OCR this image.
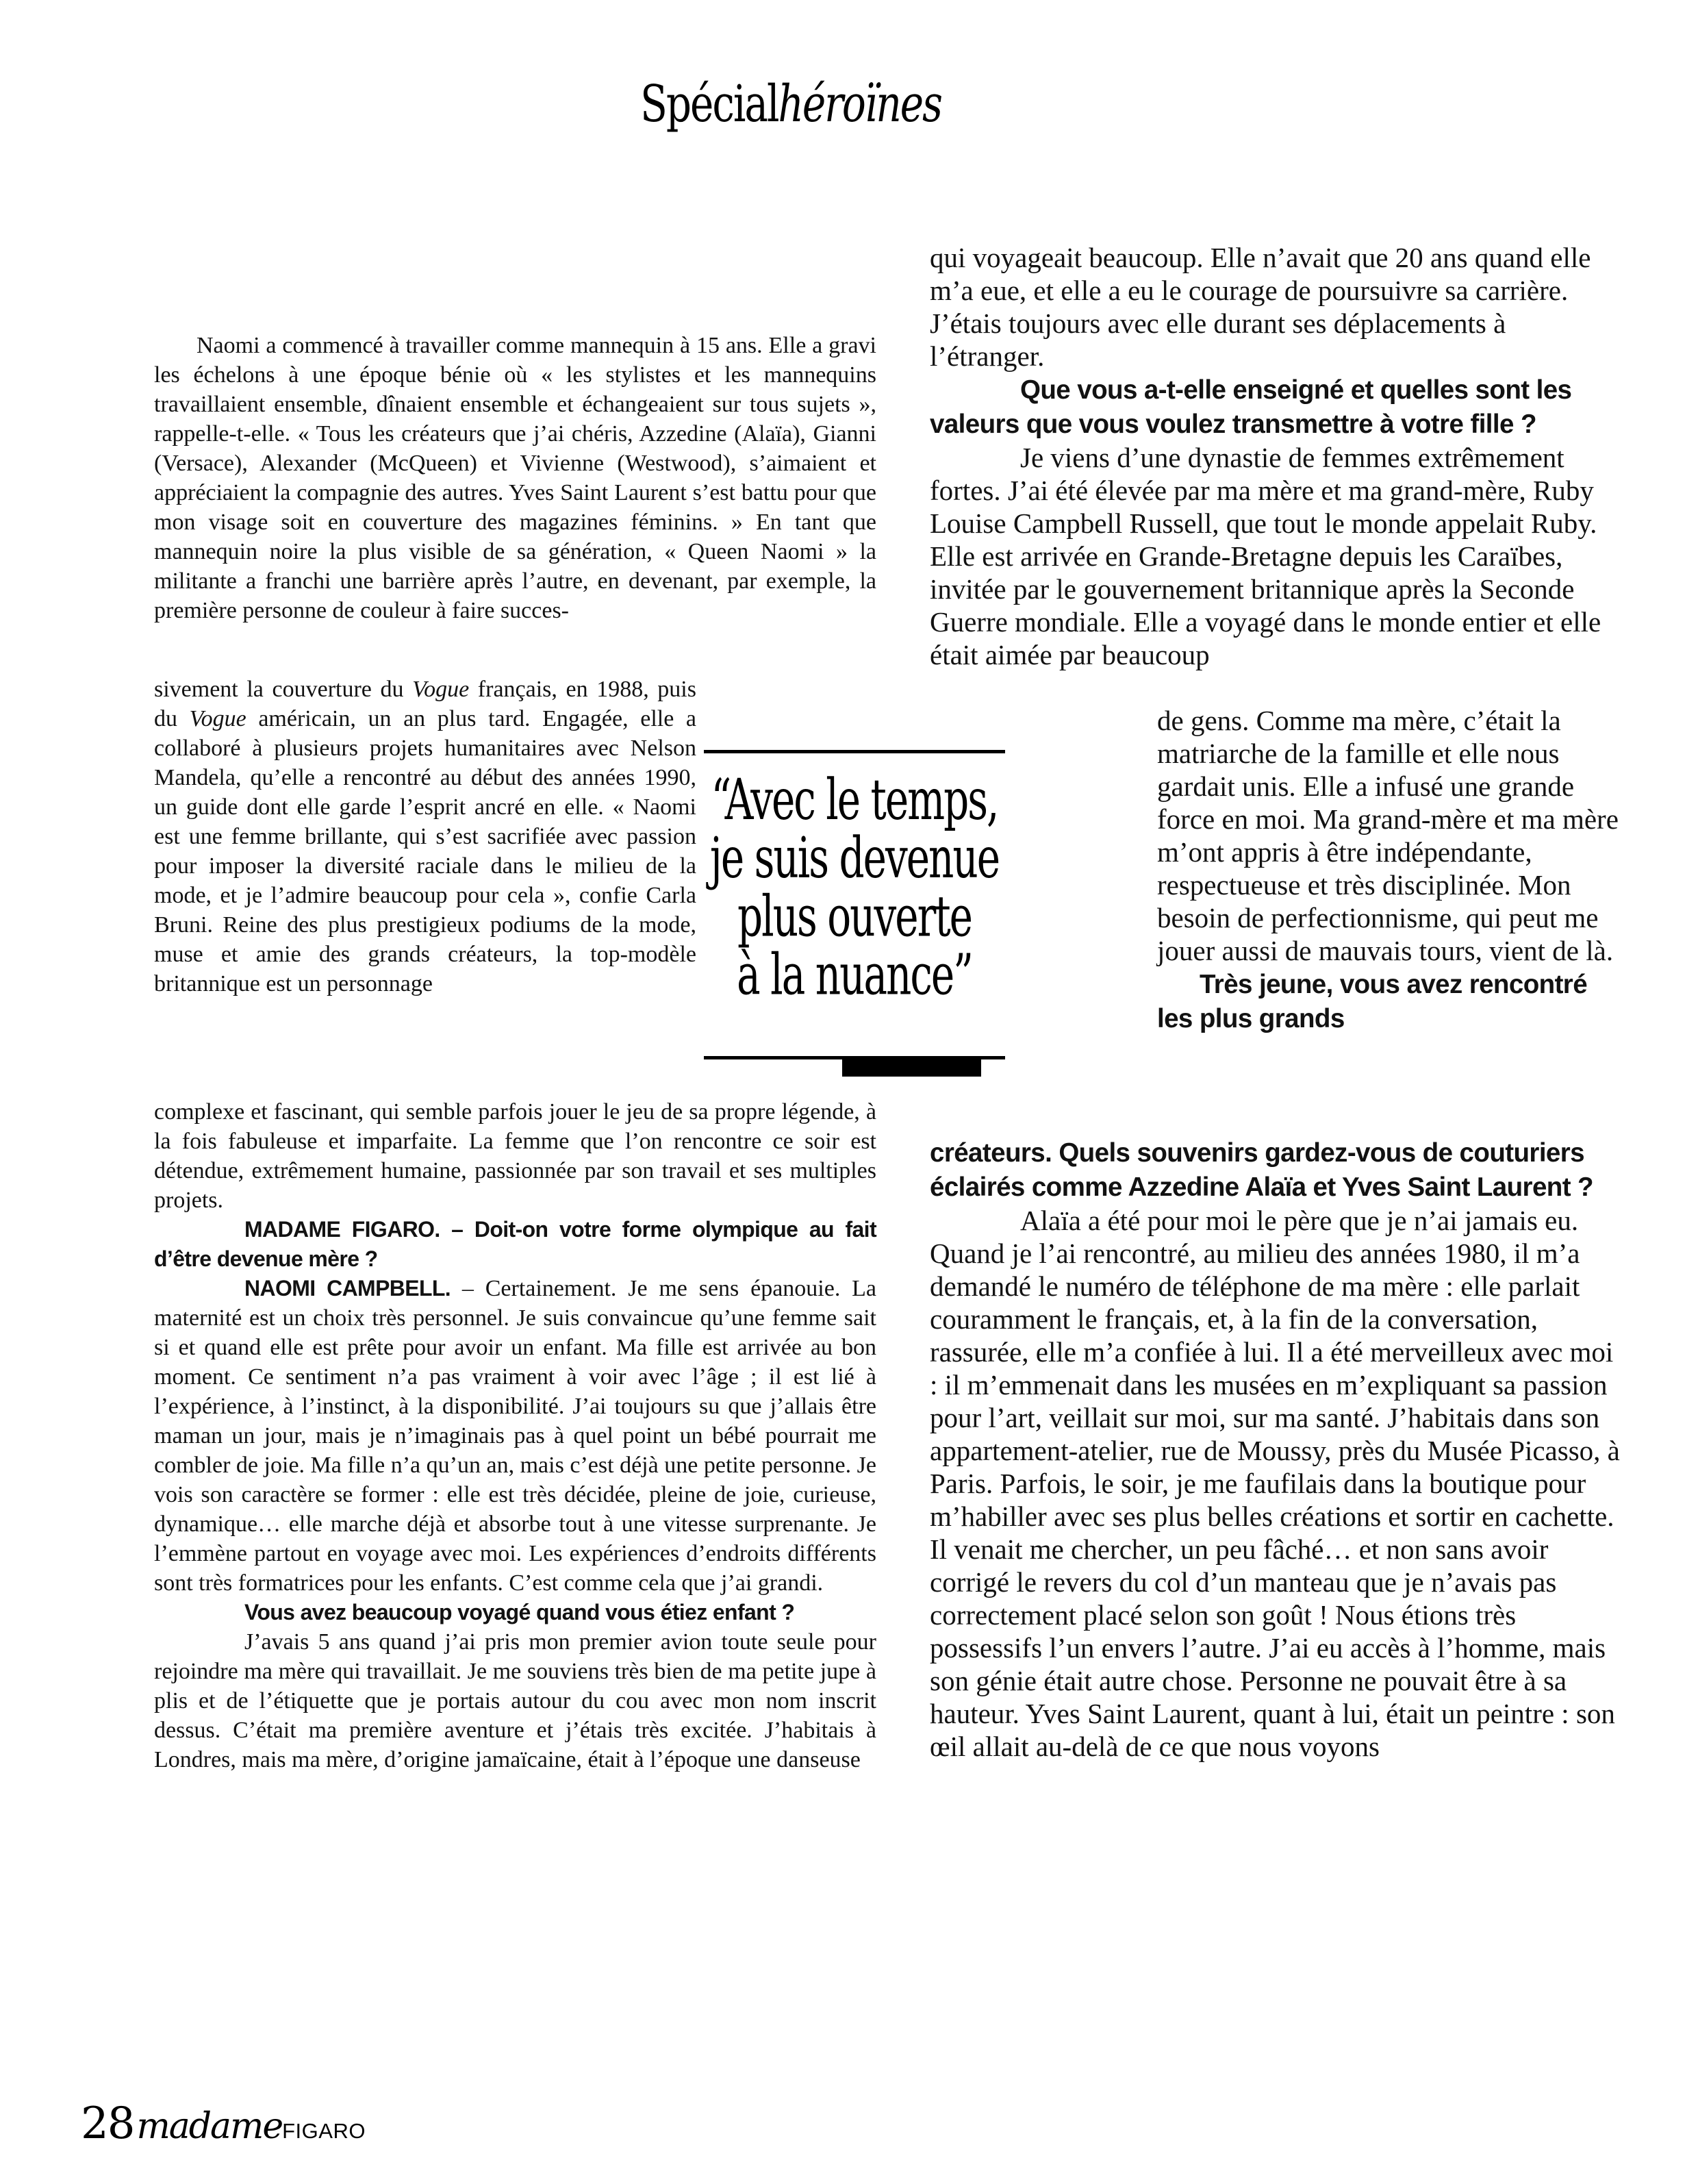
Spécialhéroïnes

Naomi a commencé à travailler comme mannequin à 15 ans. Elle a gravi les échelons à une époque bénie où « les stylistes et les mannequins travaillaient ensemble, dînaient ensemble et échangeaient sur tous sujets », rappelle-t-elle. « Tous les créateurs que j’ai chéris, Azzedine (Alaïa), Gianni (Versace), Alexander (McQueen) et Vivienne (Westwood), s’aimaient et appréciaient la compagnie des autres. Yves Saint Laurent s’est battu pour que mon visage soit en couverture des magazines féminins. » En tant que mannequin noire la plus visible de sa génération, « Queen Naomi » la militante a franchi une barrière après l’autre, en devenant, par exemple, la première personne de couleur à faire succes-

sivement la couverture du Vogue français, en 1988, puis du Vogue américain, un an plus tard. Engagée, elle a collaboré à plusieurs projets humanitaires avec Nelson Mandela, qu’elle a rencontré au début des années 1990, un guide dont elle garde l’esprit ancré en elle. « Naomi est une femme brillante, qui s’est sacrifiée avec passion pour imposer la diversité raciale dans le milieu de la mode, et je l’admire beaucoup pour cela », confie Carla Bruni. Reine des plus prestigieux podiums de la mode, muse et amie des grands créateurs, la top-modèle britannique est un personnage

complexe et fascinant, qui semble parfois jouer le jeu de sa propre légende, à la fois fabuleuse et imparfaite. La femme que l’on rencontre ce soir est détendue, extrêmement humaine, passionnée par son travail et ses multiples projets.

MADAME FIGARO. – Doit-on votre forme olympique au fait d’être devenue mère ?

NAOMI CAMPBELL. – Certainement. Je me sens épanouie. La maternité est un choix très personnel. Je suis convaincue qu’une femme sait si et quand elle est prête pour avoir un enfant. Ma fille est arrivée au bon moment. Ce sentiment n’a pas vraiment à voir avec l’âge ; il est lié à l’expérience, à l’instinct, à la disponibilité. J’ai toujours su que j’allais être maman un jour, mais je n’imaginais pas à quel point un bébé pourrait me combler de joie. Ma fille n’a qu’un an, mais c’est déjà une petite personne. Je vois son caractère se former : elle est très décidée, pleine de joie, curieuse, dynamique… elle marche déjà et absorbe tout à une vitesse surprenante. Je l’emmène partout en voyage avec moi. Les expériences d’endroits différents sont très formatrices pour les enfants. C’est comme cela que j’ai grandi.

Vous avez beaucoup voyagé quand vous étiez enfant ?

J’avais 5 ans quand j’ai pris mon premier avion toute seule pour rejoindre ma mère qui travaillait. Je me souviens très bien de ma petite jupe à plis et de l’étiquette que je portais autour du cou avec mon nom inscrit dessus. C’était ma première aventure et j’étais très excitée. J’habitais à Londres, mais ma mère, d’origine jamaïcaine, était à l’époque une danseuse

qui voyageait beaucoup. Elle n’avait que 20 ans quand elle m’a eue, et elle a eu le courage de poursuivre sa carrière. J’étais toujours avec elle durant ses déplacements à l’étranger.

Que vous a-t-elle enseigné et quelles sont les valeurs que vous voulez transmettre à votre fille ?

Je viens d’une dynastie de femmes extrêmement fortes. J’ai été élevée par ma mère et ma grand-mère, Ruby Louise Campbell Russell, que tout le monde appelait Ruby. Elle est arrivée en Grande-Bretagne depuis les Caraïbes, invitée par le gouvernement britannique après la Seconde Guerre mondiale. Elle a voyagé dans le monde entier et elle était aimée par beaucoup

de gens. Comme ma mère, c’était la matriarche de la famille et elle nous gardait unis. Elle a infusé une grande force en moi. Ma grand-mère et ma mère m’ont appris à être indépendante, respectueuse et très disciplinée. Mon besoin de perfectionnisme, qui peut me jouer aussi de mauvais tours, vient de là.

Très jeune, vous avez rencontré les plus grands

créateurs. Quels souvenirs gardez-vous de couturiers éclairés comme Azzedine Alaïa et Yves Saint Laurent ?

Alaïa a été pour moi le père que je n’ai jamais eu. Quand je l’ai rencontré, au milieu des années 1980, il m’a demandé le numéro de téléphone de ma mère : elle parlait couramment le français, et, à la fin de la conversation, rassurée, elle m’a confiée à lui. Il a été merveilleux avec moi : il m’emmenait dans les musées en m’expliquant sa passion pour l’art, veillait sur moi, sur ma santé. J’habitais dans son appartement-atelier, rue de Moussy, près du Musée Picasso, à Paris. Parfois, le soir, je me faufilais dans la boutique pour m’habiller avec ses plus belles créations et sortir en cachette. Il venait me chercher, un peu fâché… et non sans avoir corrigé le revers du col d’un manteau que je n’avais pas correctement placé selon son goût ! Nous étions très possessifs l’un envers l’autre. J’ai eu accès à l’homme, mais son génie était autre chose. Personne ne pouvait être à sa hauteur. Yves Saint Laurent, quant à lui, était un peintre : son œil allait au-delà de ce que nous voyons

“Avec le temps,
je suis devenue
plus ouverte
à la nuance”
28 madame FIGARO
